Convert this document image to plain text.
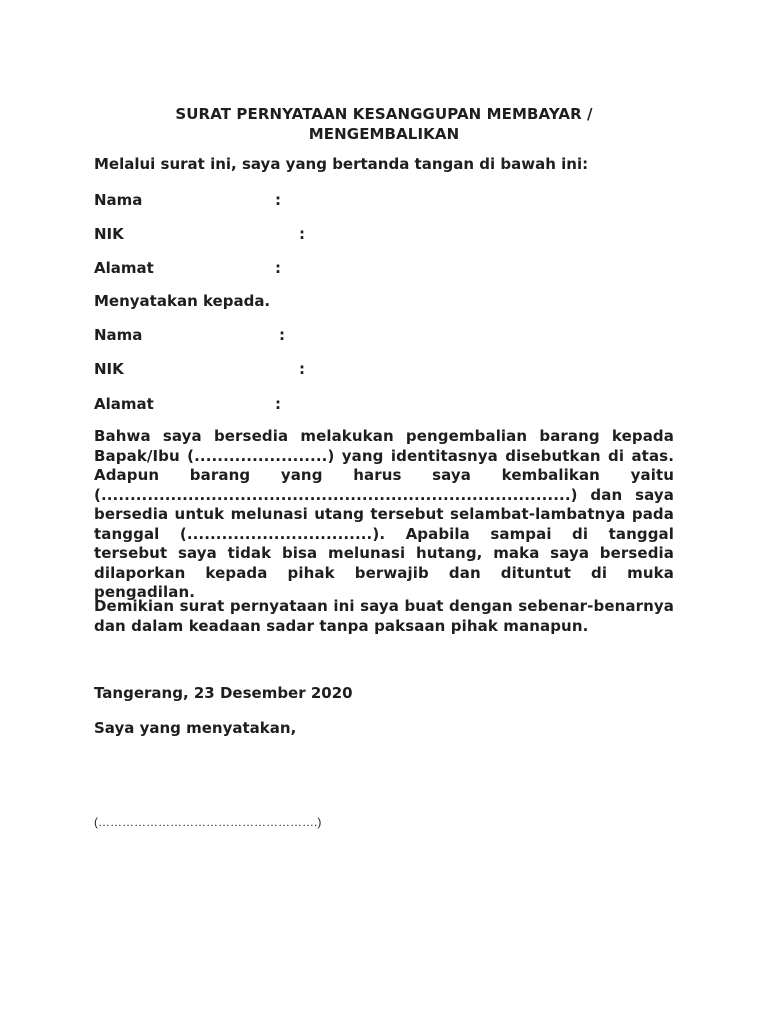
SURAT PERNYATAAN KESANGGUPAN MEMBAYAR /
MENGEMBALIKAN
Melalui surat ini, saya yang bertanda tangan di bawah ini:
Nama	:
NIK	:
Alamat	:
Menyatakan kepada.
Nama	:
NIK	:
Alamat	:
Bahwa saya bersedia melakukan pengembalian barang kepada Bapak/Ibu (.......................) yang identitasnya disebutkan di atas. Adapun barang yang harus saya kembalikan yaitu (.................................................................................) dan saya bersedia untuk melunasi utang tersebut selambat-lambatnya pada tanggal (................................). Apabila sampai di tanggal tersebut saya tidak bisa melunasi hutang, maka saya bersedia dilaporkan kepada pihak berwajib dan dituntut di muka pengadilan.
Demikian surat pernyataan ini saya buat dengan sebenar-benarnya dan dalam keadaan sadar tanpa paksaan pihak manapun.
Tangerang, 23 Desember 2020
Saya yang menyatakan,
(……………………………………………….)
